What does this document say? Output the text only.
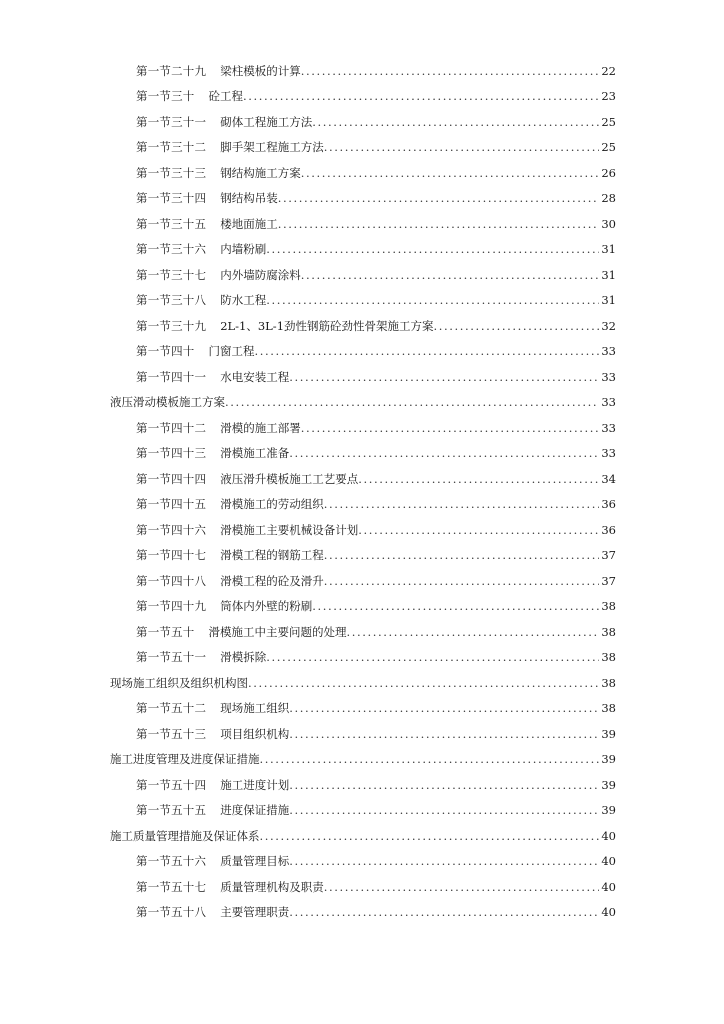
第一节二十九	梁柱模板的计算 .....	22
第一节三十	砼工程 .....	23
第一节三十一	砌体工程施工方法 .....	25
第一节三十二	脚手架工程施工方法 .....	25
第一节三十三	钢结构施工方案 .....	26
第一节三十四	钢结构吊装 .....	28
第一节三十五	楼地面施工 .....	30
第一节三十六	内墙粉刷 .....	31
第一节三十七	内外墙防腐涂料 .....	31
第一节三十八	防水工程 .....	31
第一节三十九	2L-1、3L-1劲性钢筋砼劲性骨架施工方案 .....	32
第一节四十	门窗工程 .....	33
第一节四十一	水电安装工程 .....	33
液压滑动模板施工方案 .....	33
第一节四十二	滑模的施工部署 .....	33
第一节四十三	滑模施工准备 .....	33
第一节四十四	液压滑升模板施工工艺要点 .....	34
第一节四十五	滑模施工的劳动组织 .....	36
第一节四十六	滑模施工主要机械设备计划 .....	36
第一节四十七	滑模工程的钢筋工程 .....	37
第一节四十八	滑模工程的砼及滑升 .....	37
第一节四十九	筒体内外壁的粉刷 .....	38
第一节五十	滑模施工中主要问题的处理 .....	38
第一节五十一	滑模拆除 .....	38
现场施工组织及组织机构图 .....	38
第一节五十二	现场施工组织 .....	38
第一节五十三	项目组织机构 .....	39
施工进度管理及进度保证措施 .....	39
第一节五十四	施工进度计划 .....	39
第一节五十五	进度保证措施 .....	39
施工质量管理措施及保证体系 .....	40
第一节五十六	质量管理目标 .....	40
第一节五十七	质量管理机构及职责 .....	40
第一节五十八	主要管理职责 .....	40
